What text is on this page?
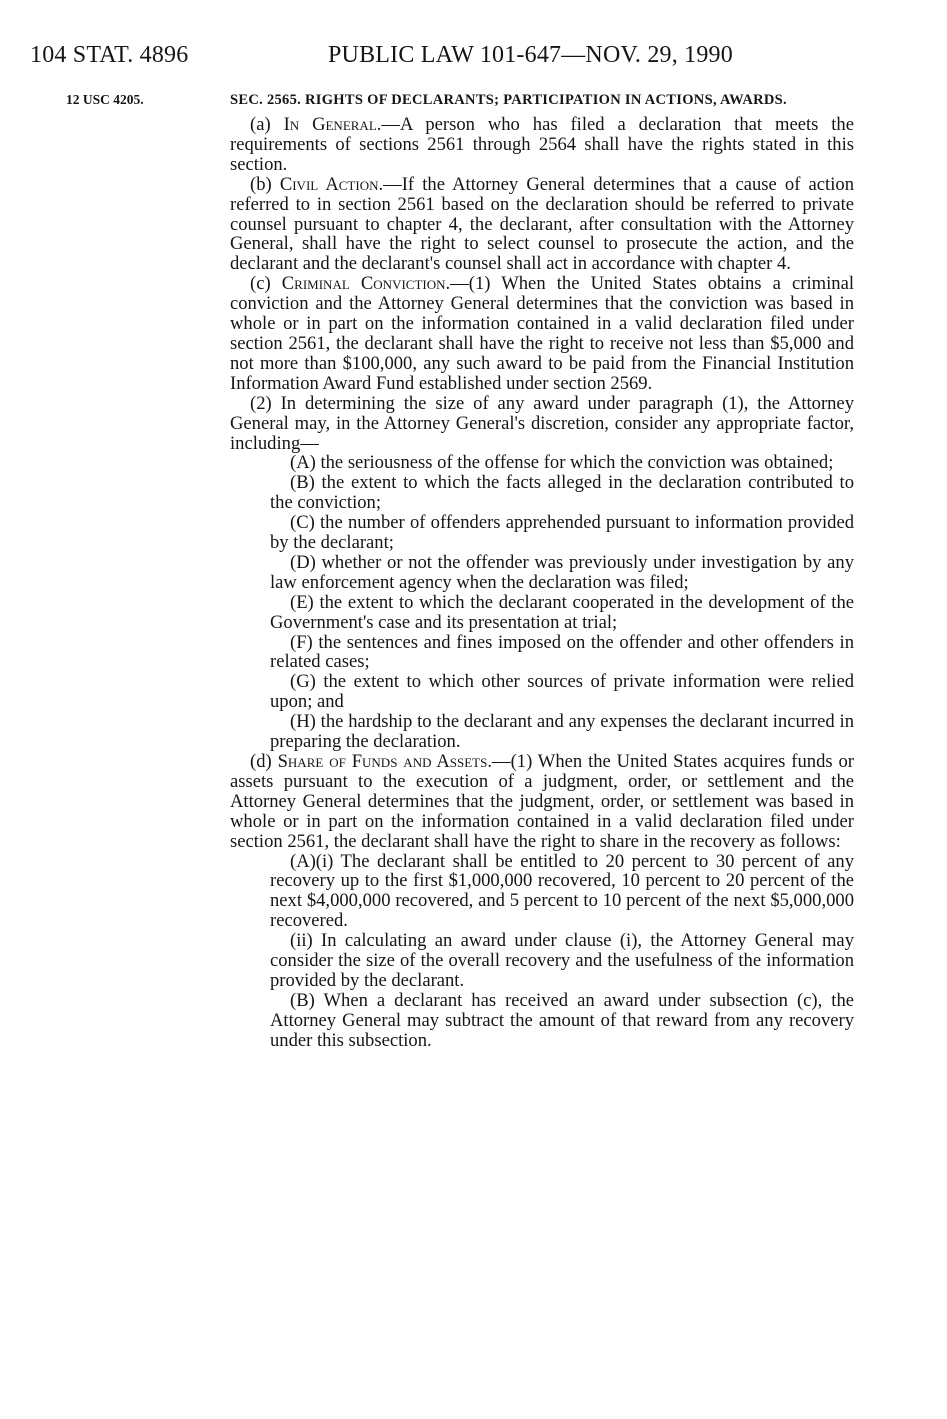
104 STAT. 4896	PUBLIC LAW 101-647—NOV. 29, 1990
12 USC 4205.	SEC. 2565. RIGHTS OF DECLARANTS; PARTICIPATION IN ACTIONS, AWARDS.

(a) In General.—A person who has filed a declaration that meets the requirements of sections 2561 through 2564 shall have the rights stated in this section.

(b) Civil Action.—If the Attorney General determines that a cause of action referred to in section 2561 based on the declaration should be referred to private counsel pursuant to chapter 4, the declarant, after consultation with the Attorney General, shall have the right to select counsel to prosecute the action, and the declarant and the declarant's counsel shall act in accordance with chapter 4.

(c) Criminal Conviction.—(1) When the United States obtains a criminal conviction and the Attorney General determines that the conviction was based in whole or in part on the information contained in a valid declaration filed under section 2561, the declarant shall have the right to receive not less than $5,000 and not more than $100,000, any such award to be paid from the Financial Institution Information Award Fund established under section 2569.

(2) In determining the size of any award under paragraph (1), the Attorney General may, in the Attorney General's discretion, consider any appropriate factor, including—

(A) the seriousness of the offense for which the conviction was obtained;

(B) the extent to which the facts alleged in the declaration contributed to the conviction;

(C) the number of offenders apprehended pursuant to information provided by the declarant;

(D) whether or not the offender was previously under investigation by any law enforcement agency when the declaration was filed;

(E) the extent to which the declarant cooperated in the development of the Government's case and its presentation at trial;

(F) the sentences and fines imposed on the offender and other offenders in related cases;

(G) the extent to which other sources of private information were relied upon; and

(H) the hardship to the declarant and any expenses the declarant incurred in preparing the declaration.

(d) Share of Funds and Assets.—(1) When the United States acquires funds or assets pursuant to the execution of a judgment, order, or settlement and the Attorney General determines that the judgment, order, or settlement was based in whole or in part on the information contained in a valid declaration filed under section 2561, the declarant shall have the right to share in the recovery as follows:

(A)(i) The declarant shall be entitled to 20 percent to 30 percent of any recovery up to the first $1,000,000 recovered, 10 percent to 20 percent of the next $4,000,000 recovered, and 5 percent to 10 percent of the next $5,000,000 recovered.

(ii) In calculating an award under clause (i), the Attorney General may consider the size of the overall recovery and the usefulness of the information provided by the declarant.

(B) When a declarant has received an award under subsection (c), the Attorney General may subtract the amount of that reward from any recovery under this subsection.
